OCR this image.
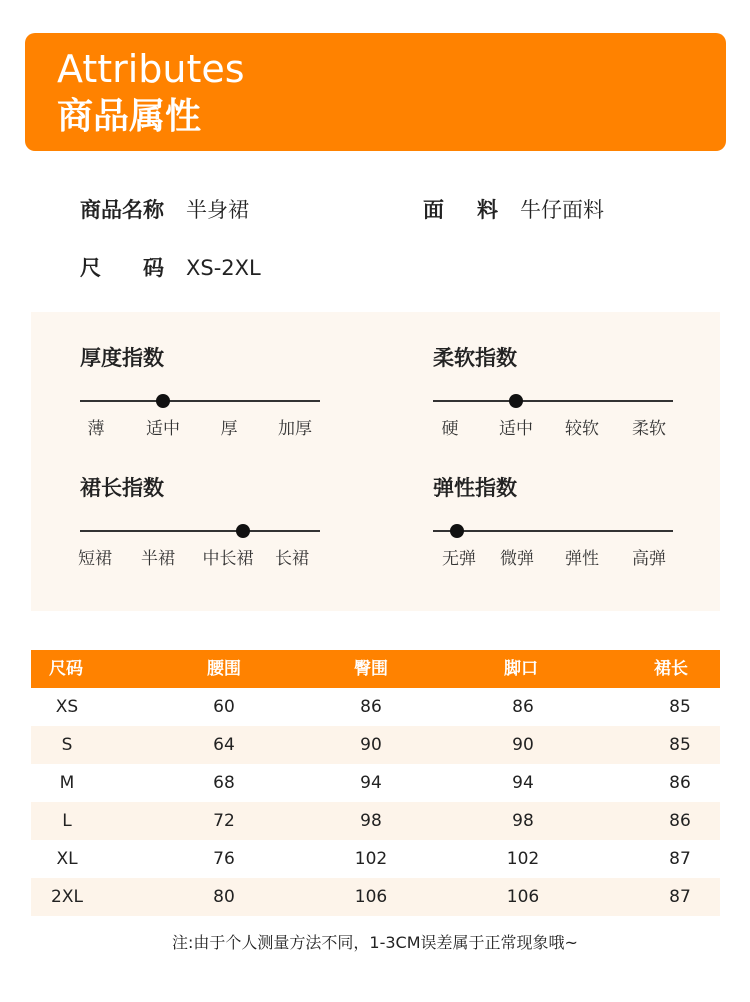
Attributes
商品属性
商品名称 半身裙	面 料 牛仔面料
尺 码 XS-2XL
厚度指数
薄 适中 厚 加厚
柔软指数
硬 适中 较软 柔软
裙长指数
短裙 半裙 中长裙 长裙
弹性指数
无弹 微弹 弹性 高弹
尺码	腰围	臀围	脚口	裙长
XS	60	86	86	85
S	64	90	90	85
M	68	94	94	86
L	72	98	98	86
XL	76	102	102	87
2XL	80	106	106	87
注:由于个人测量方法不同，1-3CM误差属于正常现象哦~
